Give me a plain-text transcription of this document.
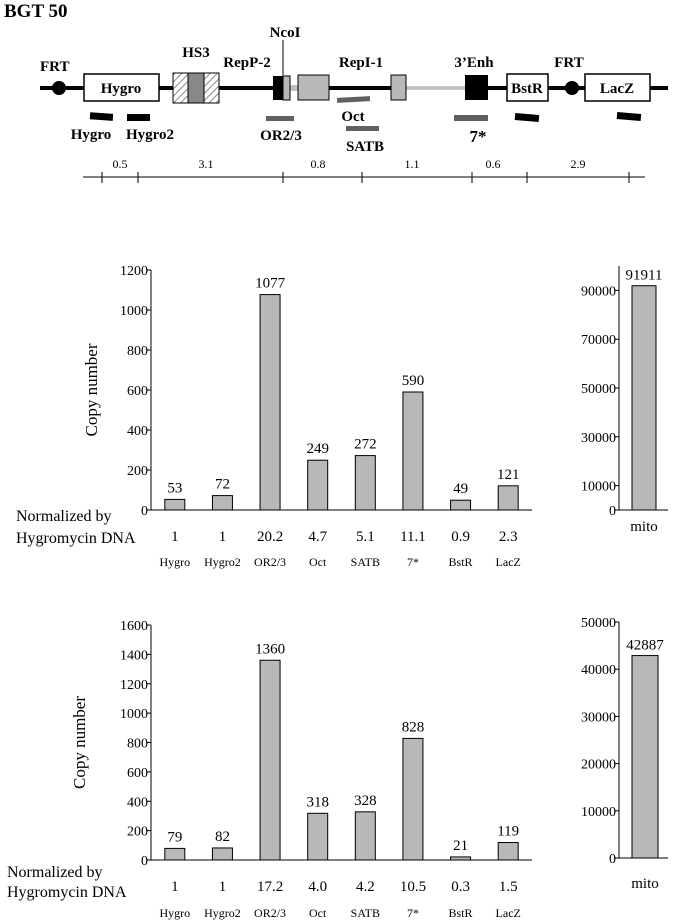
BGT 50
FRT
Hygro
HS3
NcoI
RepP-2	RepI-1	3’Enh
BstR
FRT
LacZ
Hygro Hygro2	OR2/3
Oct
SATB
7*
0.5	3.1	0.8	1.1	0.6	2.9
0
200
400
600
800
1000
1200
Copy number
53
1
Hygro
72
1
Hygro2
1077
20.2
OR2/3
249
4.7
Oct
272
5.1
SATB
590
11.1
7*
49
0.9
BstR
121
2.3
LacZ
Normalized by
Hygromycin DNA
0
10000
30000
50000
70000
90000
91911
mito
0
200
400
600
800
1000
1200
1400
1600
Copy number
79
1
Hygro
82
1
Hygro2
1360
17.2
OR2/3
318
4.0
Oct
328
4.2
SATB
828
10.5
7*
21
0.3
BstR
119
1.5
LacZ
Normalized by
Hygromycin DNA
0
10000
20000
30000
40000
50000
42887
mito
